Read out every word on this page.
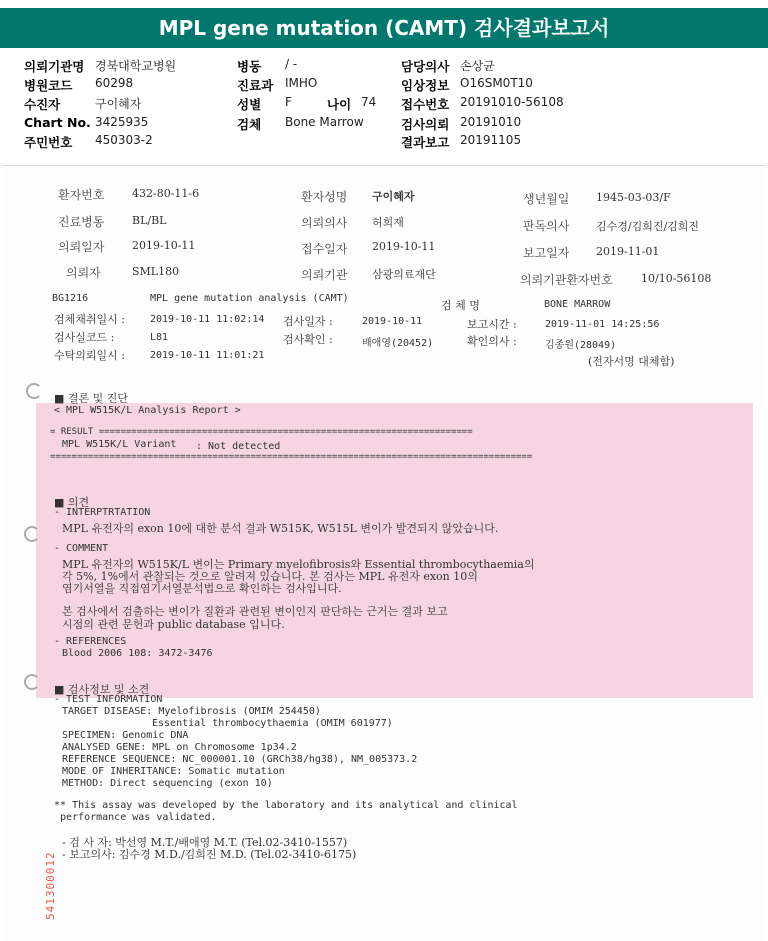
MPL gene mutation (CAMT) 검사결과보고서
의뢰기관명 경북대학교병원
병원코드 60298
수진자	구이혜자
Chart No. 3425935
주민번호 450303-2
병동 / -
진료과 IMHO
성별 F	나이 74
검체 Bone Marrow
담당의사 손상균
임상정보 O16SM0T10
접수번호 20191010-56108
검사의뢰 20191010
결과보고 20191105
환자번호	432-80-11-6
진료병동	BL/BL
의뢰일자	2019-10-11
의뢰자	SML180
환자성명 구이혜자
의뢰의사 허희재
접수일자 2019-10-11
의뢰기관 삼광의료재단
생년월일 1945-03-03/F
판독의사 김수경/김희진/김희진
보고일자 2019-11-01
의뢰기관환자번호	10/10-56108
BG1216	MPL gene mutation analysis (CAMT)
검 체 명	BONE MARROW
검체채취일시 :	2019-10-11 11:02:14
검사실코드 :	L81
수탁의뢰일시 :	2019-10-11 11:01:21
검사일자 :	2019-10-11
검사확인 :	배애영(20452)
보고시간 :	2019-11-01 14:25:56
확인의사 :	김종원(28049)
(전자서명 대체함)
■ 결론 및 진단
< MPL W515K/L Analysis Report >
= RESULT =====================================================================
MPL W515K/L Variant : Not detected
=========================================================================================
■ 의견
- INTERPTRTATION
MPL 유전자의 exon 10에 대한 분석 결과 W515K, W515L 변이가 발견되지 않았습니다.
- COMMENT
MPL 유전자의 W515K/L 변이는 Primary myelofibrosis와 Essential thrombocythaemia의
각 5%, 1%에서 관찰되는 것으로 알려져 있습니다. 본 검사는 MPL 유전자 exon 10의
염기서열을 직접염기서열분석법으로 확인하는 검사입니다.
본 검사에서 검출하는 변이가 질환과 관련된 변이인지 판단하는 근거는 결과 보고
시점의 관련 문헌과 public database 입니다.
- REFERENCES
Blood 2006 108: 3472-3476
■ 검사정보 및 소견
- TEST INFORMATION
TARGET DISEASE: Myelofibrosis (OMIM 254450)
Essential thrombocythaemia (OMIM 601977)
SPECIMEN: Genomic DNA
ANALYSED GENE: MPL on Chromosome 1p34.2
REFERENCE SEQUENCE: NC_000001.10 (GRCh38/hg38), NM_005373.2
MODE OF INHERITANCE: Somatic mutation
METHOD: Direct sequencing (exon 10)
** This assay was developed by the laboratory and its analytical and clinical
performance was validated.
- 검 사 자: 박선영 M.T./배애영 M.T. (Tel.02-3410-1557)
- 보고의사: 김수경 M.D./김희진 M.D. (Tel.02-3410-6175)
541300012
